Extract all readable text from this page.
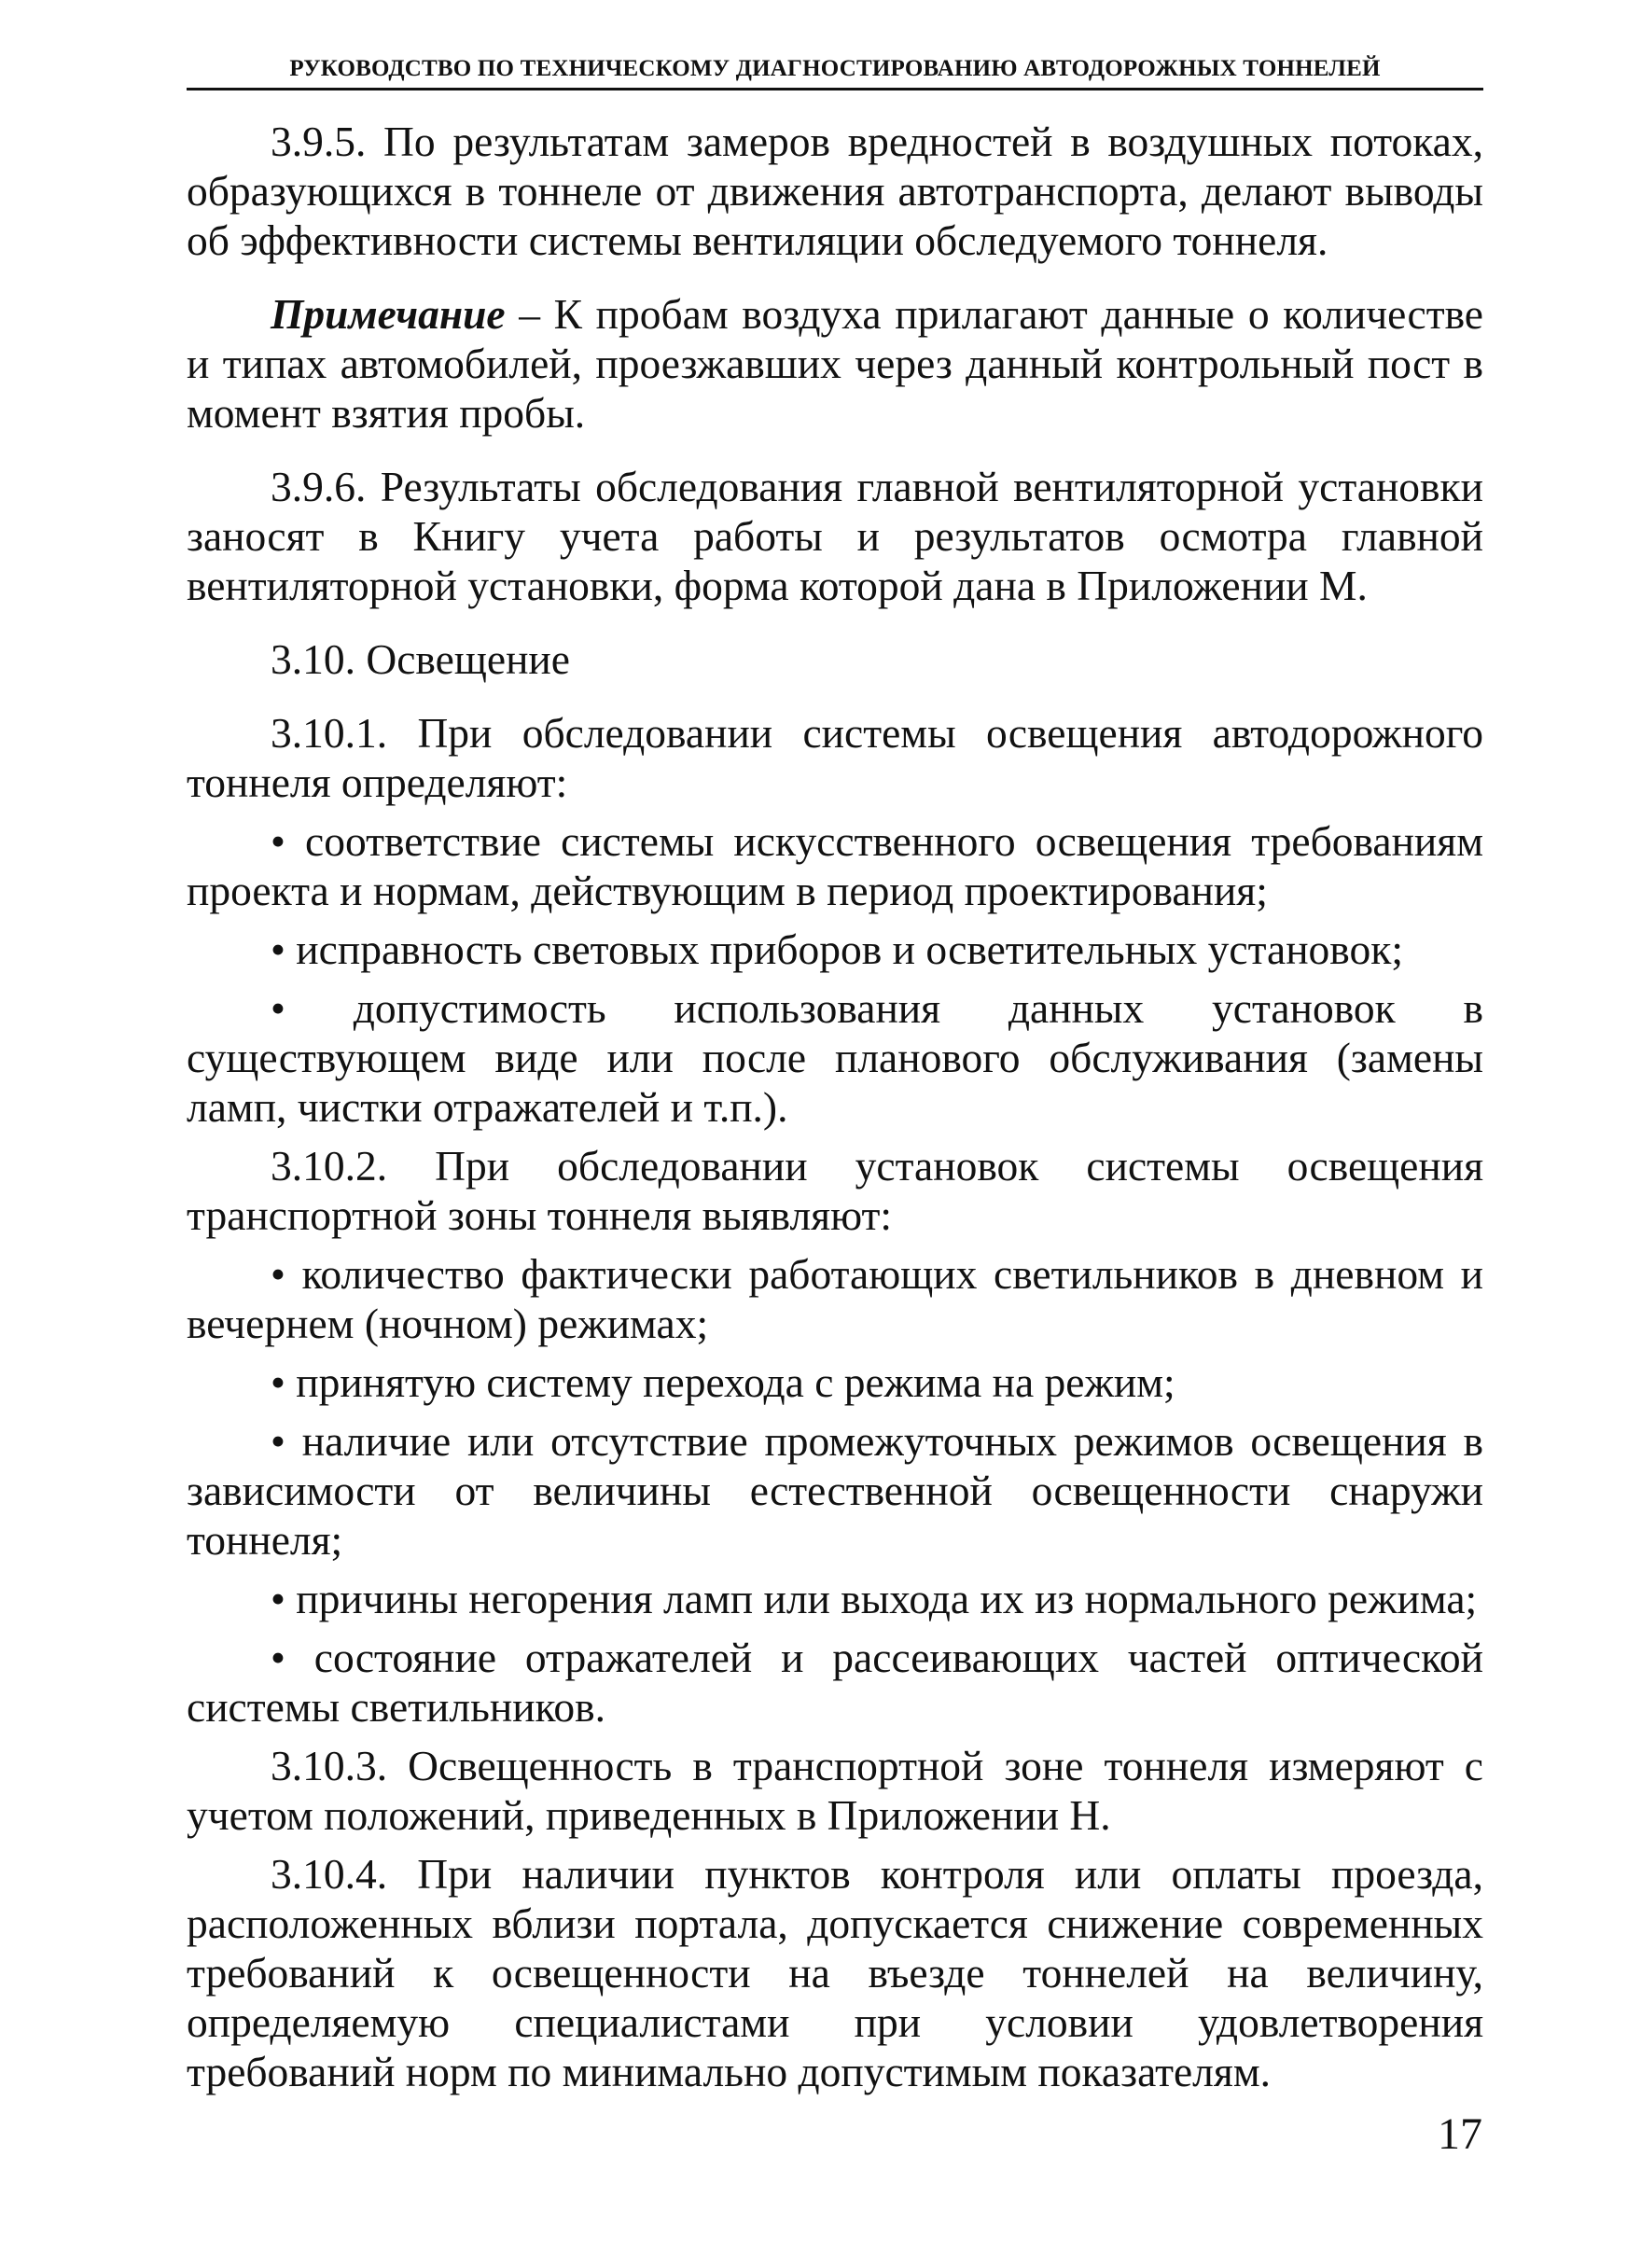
РУКОВОДСТВО ПО ТЕХНИЧЕСКОМУ ДИАГНОСТИРОВАНИЮ АВТОДОРОЖНЫХ ТОННЕЛЕЙ

3.9.5. По результатам замеров вредностей в воздушных потоках, образующихся в тоннеле от движения автотранспорта, делают выводы об эффективности системы вентиляции обследуемого тоннеля.

Примечание – К пробам воздуха прилагают данные о количестве и типах автомобилей, проезжавших через данный контрольный пост в момент взятия пробы.

3.9.6. Результаты обследования главной вентиляторной установки заносят в Книгу учета работы и результатов осмотра главной вентиляторной установки, форма которой дана в Приложении М.

3.10. Освещение

3.10.1. При обследовании системы освещения автодорожного тоннеля определяют:

• соответствие системы искусственного освещения требованиям проекта и нормам, действующим в период проектирования;

• исправность световых приборов и осветительных установок;

• допустимость использования данных установок в существующем виде или после планового обслуживания (замены ламп, чистки отражателей и т.п.).

3.10.2. При обследовании установок системы освещения транспортной зоны тоннеля выявляют:

• количество фактически работающих светильников в дневном и вечернем (ночном) режимах;

• принятую систему перехода с режима на режим;

• наличие или отсутствие промежуточных режимов освещения в зависимости от величины естественной освещенности снаружи тоннеля;

• причины негорения ламп или выхода их из нормального режима;

• состояние отражателей и рассеивающих частей оптической системы светильников.

3.10.3. Освещенность в транспортной зоне тоннеля измеряют с учетом положений, приведенных в Приложении Н.

3.10.4. При наличии пунктов контроля или оплаты проезда, расположенных вблизи портала, допускается снижение современных требований к освещенности на въезде тоннелей на величину, определяемую специалистами при условии удовлетворения требований норм по минимально допустимым показателям.

17
